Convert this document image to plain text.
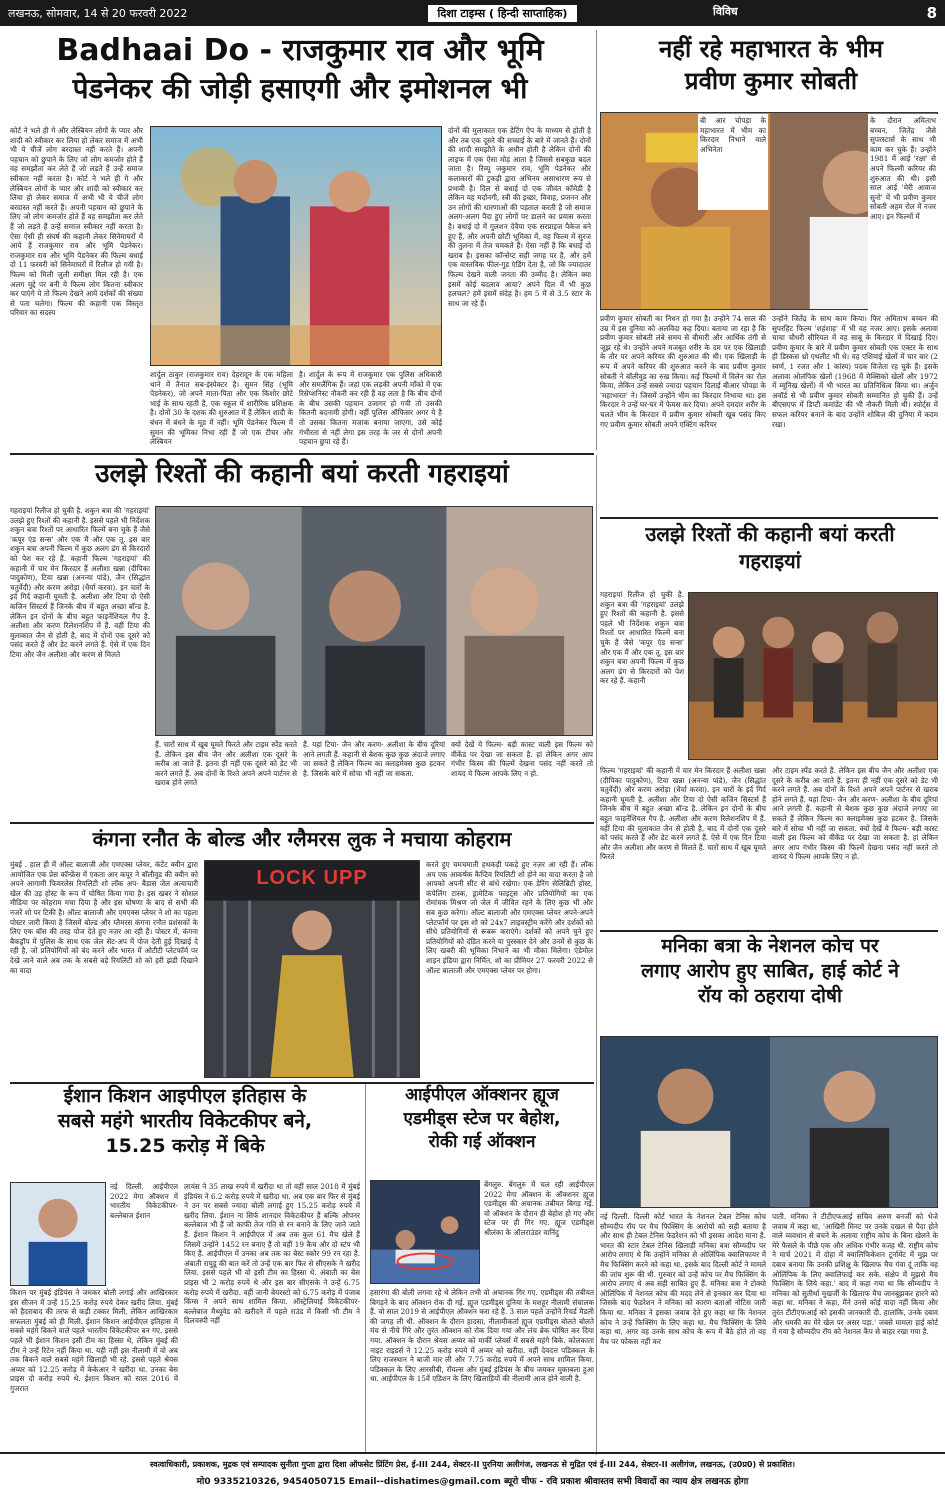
लखनऊ, सोमवार, 14 से 20 फरवरी 2022	दिशा टाइम्स ( हिन्दी साप्ताहिक)	विविध	8
Badhaai Do - राजकुमार राव और भूमि
पेडनेकर की जोड़ी हसाएगी और इमोशनल भी
कोर्ट ने भले ही गे और लेस्बियन लोगों के प्यार और शादी को स्वीकार कर लिया हो लेकर समाज में अभी भी ये चीजें लोग बरदास्त नहीं करते हैं। अपनी पहचान को छुपाने के लिए जो लोग कमजोर होते हैं वह समझौता कर लेते हैं जो लड़ते हैं उन्हें समाज स्वीकार नहीं करता है। कोर्ट ने भले ही गे और लेस्बियन लोगों के प्यार और शादी को स्वीकार कर लिया हो लेकर समाज में अभी भी ये चीजें लोग बरदास्त नहीं करते हैं। अपनी पहचान को छुपाने के लिए जो लोग कमजोर होते हैं वह समझौता कर लेते हैं जो लड़ते हैं उन्हें समाज स्वीकार नहीं करता है। ऐसा ऐसी ही संघर्ष की कहानी लेकर सिनेमाघरों में आये हैं राजकुमार राव और भूमि पेडनेकर। राजकुमार राव और भूमि पेडनेकर की फिल्म बधाई दो 11 फरवरी को सिनेमाघरों में रिलीज हो गयी है। फिल्म को मिली जुली समीक्षा मिल रही है। एक अलग मुद्दे पर बनी ये फिल्म लोग कितना स्वीकार कर पाएंगे ये तो फिल्म देखने आये दर्शकों की संख्या से पता चलेगा। फिल्म की कहानी एक विस्तृत परिवार का सदस्य
शार्दुल ठाकुर (राजकुमार राव) देहरादून के एक महिला थाने में तैनात सब-इंस्पेक्टर है। सुमन सिंह (भूमि पेडनेकर), जो अपने माता-पिता और एक किशोर छोटे भाई के साथ रहती है, एक स्कूल में शारीरिक प्रशिक्षक है। दोनों 30 के दशक की शुरुआत में हैं लेकिन शादी के बंधन में बंधने के मूड में नहीं। भूमि पेडनेकर फिल्म में सुमन की भूमिका निभा रही हैं जो एक टीचर और लेस्बियन
है। शार्दुल के रूप में राजकुमार एक पुलिस अधिकारी और समलैंगिक हैं। जहां एक लड़की अपनी माँको में एक रिसेप्शनिस्ट नौकरी कर रही हैं वह लता है कि बीच दोनों के बीच उसकी पहचान उजागर हो गयी तो उसकी कितनी बदनामी होगी। वहीं पुलिस ऑफिसर अगर ये है तो उसका कितना मजाक बनाया जाएगा, उसे कोई गंभीरता से नहीं लेगा इस तरह के जर से दोनों अपनी पहचान छुपा रहे हैं।
दोनों की मुलाकात एक डेटिंग ऐप के माध्यम से होती है और तब एक दूसरे की सच्चाई के बारे में जानते हैं। दोनों की शादी समझौते के अधीन होती है लेकिन दोनों की लाइफ में एक ऐसा मोड़ आता है जिससे सबकुछ बदल जाता है। रिव्यू जकुमार राव, भूमि पेडनेकर और कलाकारों की टुकड़ी द्वारा अभिनय असाधारण रूप से प्रभावी है। दिल से बधाई दो एक जीवंत कॉमेडी है लेकिन यह मर्दानगी, स्त्री की इच्छा, विवाह, प्रजनन और उन लोगों की धारणाओं की पड़ताल करती है जो समाज अलग-अलग पैदा हुए लोगों पर डालने का प्रयास करता है। बधाई दो में गुलशन देवैया एक सरप्राइज पैकेज बने हुए हैं, और अपनी छोटी भूमिका में, वह फिल्म में सुरज की तुलना में तेज चमकते हैं। ऐसा नहीं है कि बधाई दो खराब है। इसका कॉन्सेप्ट सही जगह पर है, और हमें एक वास्तविक फील-गुड एंडिंग देता है, जो कि ज्यादातर फिल्म देखने वाली जनता की उम्मीद है। लेकिन क्या इसमें कोई बदलाव आया? अपने दिल में भी कुछ हलचल? हमें इसमें संदेह है। हम 5 में से 3.5 स्टार के साथ जा रहे हैं।
नहीं रहे महाभारत के भीम
प्रवीण कुमार सोबती
बी आर चोपड़ा के महाभारत में भीम का किरदार निभाने वाले अभिनेता
के दौरान अमिताभ बच्चन, जितेंद्र जैसे सुपरस्टार्स के साथ भी काम कर चुके हैं। उन्होंने 1981 में आई 'रक्षा' से अपने फिल्मी करियर की शुरुआत की थी। इसी साल आई 'मेरी आवाज सुनो' में भी प्रवीण कुमार सोबती अहम रोल में नजर आए। इन फिल्मों में
प्रवीण कुमार सोबती का निधन हो गया है। उन्होंने 74 साल की उम्र में इस दुनिया को अलविदा कह दिया। बताया जा रहा है कि प्रवीण कुमार सोबती लंबे समय से बीमारी और आर्थिक तंगी से जूझ रहे थे। उन्होंने अपने मजबूत शरीर के दम पर एक खिलाड़ी के तौर पर अपने करियर की शुरुआत की थी। एक खिलाड़ी के रूप में अपने करियर की शुरुआत करने के बाद प्रवीण कुमार सोबती ने बॉलीवुड का रुख किया। कई फिल्मों में विलेन का रोल किया, लेकिन उन्हें सबसे ज्यादा पहचान दिलाई बीआर चोपड़ा के 'महाभारत' ने। जिसमें उन्होंने भीम का किरदार निभाया था। इस किरदार ने उन्हें घर-घर में फेमस कर दिया। अपने दमदार शरीर के चलते भीम के किरदार में प्रवीण कुमार सोबती खूब पसंद किए गए प्रवीण कुमार सोबती अपने एक्टिंग करियर
उन्होंने जितेंद्र के साथ काम किया। फिर अमिताभ बच्चन की सुपरहिट फिल्म 'शहंशाह' में भी वह नजर आए। इसके अलावा चाचा चौधरी सीरियल में वह साबू के किरदार में दिखाई दिए। प्रवीण कुमार के बारे में प्रवीण कुमार सोबती एक एक्टर के साथ ही डिस्कस थ्रो एथलीट भी थे। वह एशियाई खेलों में चार बार (2 स्वर्ण, 1 रजत और 1 कांस्य) पदक विजेता रह चुके हैं। इसके अलावा ओलंपिक खेलों (1968 में मेक्सिको खेलों और 1972 में म्यूनिख खेलों) में भी भारत का प्रतिनिधित्व किया था। अर्जुन अवॉर्ड से भी प्रवीण कुमार सोबती सम्मानित हो चुकी हैं। उन्हें बीएसएफ में डिप्टी कमांडेंट की भी नौकरी मिली थी। स्पोर्ट्स में सफल करियर बनाने के बाद उन्होंने शोबिज की दुनिया में कदम रखा।
उलझे रिश्तों की कहानी बयां करती गहराइयां
गहराइयां रिलीज हो चुकी है. शकुन बत्रा की 'गहराइयां' उलझे हुए रिश्तों की कहानी है. इससे पहले भी निर्देशक शकुन बत्रा रिश्तों पर आधारित फिल्में बना चुके हैं जैसे 'कपूर एंड सन्स' और एक मैं और एक तू. इस बार शकुन बत्रा अपनी फिल्म में कुछ अलग ढंग से किरदारों को पेश कर रहे हैं. कहानी फिल्म 'गहराइयां' की कहानी में चार मेन किरदार हैं अलीशा खन्ना (दीपिका पादुकोण), टिया खन्ना (अनन्या पांडे), जैन (सिद्धांत चतुर्वेदी) और करण अरोड़ा (धैर्या करवा). इन चारों के इर्द गिर्द कहानी घूमती है. अलीशा और टिया दो ऐसी कजिन सिस्टर्स हैं जिनके बीच में बहुत अच्छा बॉन्ड है. लेकिन इन दोनों के बीच बहुत फाइनेंशियल गैप है. अलीशा और करण रिलेशनशिप में हैं. वहीं टिया की मुलाकात जैन से होती है, बाद में दोनों एक दूसरे को पसंद करते हैं और डेट करने लगते हैं. ऐसे में एक दिन टिया और जैन अलीशा और करण से मिलते
हैं. चारों साथ में खूब घूमते फिरते और टाइम स्पेंड करते हैं. लेकिन इस बीच जैन और अलीशा एक दूसरे के करीब आ जाते हैं. इतना ही नहीं एक दूसरे को डेट भी करने लगते हैं. अब दोनों के रिश्ते अपने अपने पार्टनर से खराब होने लगते
हैं. यहां टिया- जैन और करण- अलीशा के बीच दूरियां आने लगती हैं. कहानी से बेशक कुछ कुछ अंदाजे लगाए जा सकते हैं लेकिन फिल्म का क्लाइमेक्स कुछ हटकर है. जिसके बारे में सोचा भी नहीं जा सकता.
क्यों देखें ये फिल्म- बड़ी कास्ट वाली इस फिल्म को वीकेंड पर देखा जा सकता है. हां लेकिन अगर आप गंभीर किस्म की फिल्में देखना पसंद नहीं करते तो शायद ये फिल्म आपके लिए न हो.
उलझे रिश्तों की कहानी बयां करती
गहराइयां
गहराइयां रिलीज हो चुकी है. शकुन बत्रा की 'गहराइयां' उलझे हुए रिश्तों की कहानी है. इससे पहले भी निर्देशक शकुन बत्रा रिश्तों पर आधारित फिल्में बना चुके हैं जैसे 'कपूर एंड सन्स' और एक मैं और एक तू. इस बार शकुन बत्रा अपनी फिल्म में कुछ अलग ढंग से किरदारों को पेश कर रहे हैं. कहानी
फिल्म 'गहराइयां' की कहानी में चार मेन किरदार हैं अलीशा खन्ना (दीपिका पादुकोण), टिया खन्ना (अनन्या पांडे), जैन (सिद्धांत चतुर्वेदी) और करण अरोड़ा (धैर्या करवा). इन चारों के इर्द गिर्द कहानी घूमती है. अलीशा और टिया दो ऐसी कजिन सिस्टर्स हैं जिनके बीच में बहुत अच्छा बॉन्ड है. लेकिन इन दोनों के बीच बहुत फाइनेंशियल गैप है. अलीशा और करण रिलेशनशिप में हैं. वहीं टिया की मुलाकात जैन से होती है, बाद में दोनों एक दूसरे को पसंद करते हैं और डेट करने लगते हैं. ऐसे में एक दिन टिया और जैन अलीशा और करण से मिलते हैं. चारों साथ में खूब घूमते फिरते
और टाइम स्पेंड करते हैं. लेकिन इस बीच जैन और अलीशा एक दूसरे के करीब आ जाते हैं. इतना ही नहीं एक दूसरे को डेट भी करने लगते हैं. अब दोनों के रिश्ते अपने अपने पार्टनर से खराब होने लगते हैं. यहां टिया- जैन और करण- अलीशा के बीच दूरियां आने लगती हैं. कहानी से बेशक कुछ कुछ अंदाजे लगाए जा सकते हैं लेकिन फिल्म का क्लाइमेक्स कुछ हटकर है. जिसके बारे में सोचा भी नहीं जा सकता. क्यों देखें ये फिल्म- बड़ी कास्ट वाली इस फिल्म को वीकेंड पर देखा जा सकता है. हां लेकिन अगर आप गंभीर किस्म की फिल्में देखना पसंद नहीं करते तो शायद ये फिल्म आपके लिए न हो.
कंगना रनौत के बोल्ड और ग्लैमरस लुक ने मचाया कोहराम
मुंबई . हाल ही में ऑल्ट बालाजी और एमएक्स प्लेयर, कंटेंट क्वीन द्वारा आयोजित एक प्रेस कॉन्फ्रेंस में एकता आर कपूर ने बॉलीवुड की क्वीन को अपने आगामी फियरलेस रियलिटी शो लॉक अप- बैडास जेल अत्याचारी खेल की उड़ होस्ट के रूप में घोषित किया गया है। इस खबर ने सोशल मीडिया पर कोहराम मचा दिया है और इस घोषणा के बाद से सभी की नजरें शो पर टिकी है। ऑल्ट बालाजी और एमएक्स प्लेयर ने शो का पहला पोस्टर जारी किया है जिसमें बोल्ड और ग्लैमरस कंगना रनौत प्रशंसकों के लिए एक बॉस की तरह पोज देते हुए नज़र आ रही हैं। पोस्टर में, कंगना बैकड्रॉप में पुलिस के साथ एक जेल सेट-अप में पोज देती हुई दिखाई दे रही है, जो प्रतियोगियों को बंद करने और भारत में ओटीटी प्लेटफॉर्म पर देखे जाने वाले अब तक के सबसे बड़े रियलिटी शो को हरी झंडी दिखाने का वादा
LOCK UPP
करते हुए चमचमाती हथकड़ी पकड़े हुए नज़र आ रही हैं। लॉक अप एक आकर्षक कैप्टिव रियलिटी शो होने का वादा करता है जो आपको अपनी सीट से बांधे रखेगा। एक डेरिंग सेलिब्रिटी होस्ट, कंपेलिंग टास्क, ड्रामेटिक फाइट्स और प्रतियोगियों का एक रोमांचक मिश्रण जो जेल में जीवित रहने के लिए कुछ भी और सब कुछ करेगा। ऑल्ट बालाजी और एमएक्स प्लेयर अपने-अपने प्लेटफॉर्म पर इस शो को 24x7 लाइवस्ट्रीम करेंगे और दर्शकों को सीधे प्रतियोगियों से रूबरू कराएंगे। दर्शकों को अपने चुने हुए प्रतियोगियों को दंडित करने या पुरस्कार देने और उनमें से कुछ के लिए खबरी की भूमिका निभाने का भी मौका मिलेगा। एंडेमोल शाइन इंडिया द्वारा निर्मित, शो का प्रीमियर 27 फरवरी 2022 से ऑल्ट बालाजी और एमएक्स प्लेयर पर होगा।
मनिका बत्रा के नेशनल कोच पर
लगाए आरोप हुए साबित, हाई कोर्ट ने
रॉय को ठहराया दोषी
नई दिल्ली. दिल्ली कोर्ट भारत के नेशनल टेबल टेनिस कोच सौम्यदीप रॉय पर मैच फिक्सिंग के आरोपों को सही बताया है और साथ ही टेबल टेनिस फेडरेशन को भी इसका आदेश माना है. भारत की स्टार टेबल टेनिस खिलाड़ी मनिका बत्रा सौम्यदीप पर आरोप लगाए थे कि उन्होंने मनिका से ओलिंपिक क्वालिफायर में मैच फिक्सिंग करने को कहा था. इसके बाद दिल्ली कोर्ट ने मामले की जांच शुरू की थी. गुरुवार को उन्हें कोच पर मैच फिक्सिंग के आरोप लगाए थे अब सही साबित हुए हैं. मनिका बत्रा ने टोक्यो ओलिंपिक में नेशनल कोच की मदद लेने से इनकार कर दिया था जिसके बाद फेडरेशन ने मनिका को कारण बताओ नोटिस जारी किया था. मनिका ने इसका जवाब देते हुए कहा था कि नेशनल कोच ने उन्हें फिक्सिंग के लिए कहा था. मैच फिक्सिंग के लिये कहा था, अगर वह उनके साथ कोच के रूप में बैठे होते तो वह मैच पर फोकस नहीं कर
पाती. मनिका ने टीटीएफआई सचिव अरुण बनर्जी को भेजे जवाब में कहा था, 'आखिरी मिनट पर उनके दखल से पैदा होने वाले व्यवधान से बचने के अलावा राष्ट्रीय कोच के बिना खेलने के मेरे फैसले के पीछे एक और अधिक गंभीर वजह थी. राष्ट्रीय कोच ने मार्च 2021 में दोहा में क्वालिफिकेशन टूर्नामेंट में मुझ पर दबाव बनाया कि उनकी प्रशिक्षु के खिलाफ मैच गंवा दूं ताकि वह ओलिंपिक के लिए क्वालिफाई कर सके. संक्षेप में मुझसे मैच फिक्सिंग के लिये कहा.' बाद में कहा गया था कि सौम्यदीप ने मनिका को सुतीर्था मुखर्जी के खिलाफ मैच जानबूझकर हारने को कहा था. मनिका ने कहा, मैंने उनसे कोई वादा नहीं किया और तुरंत टीटीएफआई को इसकी जानकारी दी. हालांकि, उनके दबाव और धमकी का मेरे खेल पर असर पड़ा.' जबसे मामला हाई कोर्ट में गया है सौम्यदीप रॉय को नेशनल कैंप से बाहर रखा गया है.
ईशान किशन आइपीएल इतिहास के
सबसे महंगे भारतीय विकेटकीपर बने,
15.25 करोड़ में बिके
नई दिल्ली. आईपीएल 2022 मेगा ऑक्शन में भारतीय विकेटकीपर-बल्लेबाज ईशान
किशन पर मुंबई इंडियंस ने जमकर बोली लगाई और आखिरकार इस सीजन में उन्हें 15.25 करोड़ रुपये देकर खरीद लिया. मुंबई को हैदराबाद की तरफ से कड़ी टक्कर मिली, लेकिन आखिरकार सफलता मुंबई को ही मिली. ईशान किशन आईपीएल इतिहास में सबसे महंगे बिकने वाले पहले भारतीय विकेटकीपर बन गए. इससे पहले भी ईशान किशन इसी टीम का हिस्सा थे, लेकिन मुंबई की टीम ने उन्हें रिटेन नहीं किया था. यही नहीं इस नीलामी में वो अब तक बिकने वाले सबसे महंगे खिलाड़ी भी रहे. इससे पहले श्रेयस अय्यर को 12.25 करोड़ में केकेआर ने खरीदा था. उनका बेस प्राइस दो करोड़ रुपये थे. ईशान किशन को साल 2016 में गुजरात
लायंस ने 35 लाख रुपये में खरीदा था तो वहीं साल 2018 में मुंबई इंडियंस ने 6.2 करोड़ रुपये में खरीदा था. अब एक बार फिर से मुंबई ने उन पर सबसे ज्यादा बोली लगाई हुए 15.25 करोड़ रुपये में खरीद लिया. ईशान ना सिर्फ शानदार विकेटकीपर हैं बल्कि ओपनर बल्लेबाज भी हैं जो काफी तेज गति से रन बनाने के लिए जाने जाते हैं. ईशान किशन ने आईपीएल में अब तक कुल 61 मैच खेले हैं जिसमें उन्होंने 1452 रन बनाए हैं तो वहीं 19 कैच और दो स्टंप भी किए हैं. आईपीएल में उनका अब तक का बेस्ट स्कोर 99 रन रहा है. अंबाती रायुडू की बात करें तो उन्हें एक बार फिर से सीएसके ने खरीद लिया. इससे पहले भी वो इसी टीम का हिस्सा थे. अंबाती का बेस प्राइस भी 2 करोड़ रुपये थे और इस बार सीएसके ने उन्हें 6.75 करोड़ रुपये में खरीदा. वहीं जानी बेयरस्टो को 6.75 करोड़ में पंजाब किंग्स ने अपने साथ शामिल किया. ऑस्ट्रेलियाई विकेटकीपर-बल्लेबाज मैथ्यूवेड को खरीदने में पहले राउंड में किसी भी टीम ने दिलचस्पी नहीं
आईपीएल ऑक्शनर ह्यूज
एडमीड्स स्टेज पर बेहोश,
रोकी गई ऑक्शन
बेंगलुरु. बेंगलुरु में चल रही आईपीएल 2022 मेगा ऑक्शन के ऑक्शनर ह्यूज एडमीड्स की अचानक तबीयत बिगड़ गई. वो ऑक्शन के दौरान ही बेहोश हो गए और स्टेज पर ही गिर गए. ह्यूज एडमीड्स श्रीलंका के ऑलराउंडर वानिंदु
हसारंगा की बोली लगवा रहे थे लेकिन तभी वो अचानक गिर गए. एडमीड्स की तबीयत बिगड़ने के बाद ऑक्शन रोक दी गई. ह्यूज एडमीड्स दुनिया के मशहूर नीलामी संचालक हैं. वो साल 2019 से आईपीएल ऑक्शन करा रहे हैं. 3 साल पहले उन्होंने रिचर्ड मैडली की जगह ली थी. ऑक्शन के दौरान हादसा, नीलामीकर्ता ह्यूज एडमीड्स बोलते बोलते मंच से नीचे गिरे और तुरंत ऑक्शन को रोक दिया गया और लंच ब्रेक घोषित कर दिया गया. ऑक्शन के दौरान श्रेयस अय्यर को मार्की प्लेयर्स में सबसे महंगे बिके. कोलकाता नाइट राइडर्स ने 12.25 करोड़ रुपये में अय्यर को खरीदा. वहीं देवदत्त पडिक्कल के लिए राजस्थान ने बाजी मार ली और 7.75 करोड़ रुपये में अपने साथ शामिल किया. पडिक्कल के लिए आरसीबी, रॉयल्स और मुंबई इंडियंस के बीच जमकर मुकाबला हुआ था. आईपीएल के 15वें एडिशन के लिए खिलाड़ियों की नीलामी आज होने वाली है.
स्वत्वाधिकारी, प्रकाशक, मुद्रक एवं सम्पादक सुनीता गुप्ता द्वारा दिशा ऑफसेट प्रिंटिंग प्रेस, ई-III 244, सेक्टर-II पुरनिया अलीगंज, लखनऊ से मुद्रित एवं ई-III 244, सेक्टर-II अलीगंज, लखनऊ, (उ0प्र0) से प्रकाशित।
मो0 9335210326, 9454050715 Email--dishatimes@gmail.com ब्यूरो चीफ - रवि प्रकाश श्रीवास्तव सभी विवादों का न्याय क्षेत्र लखनऊ होगा
